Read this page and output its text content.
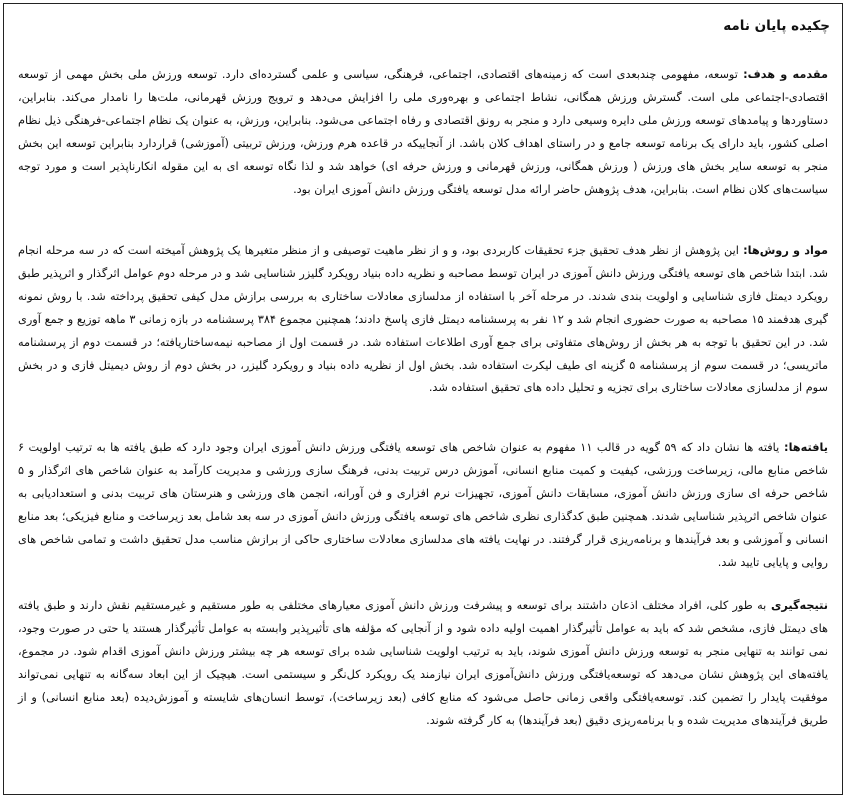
چکیده پایان نامه
مقدمه و هدف: توسعه، مفهومی چندبعدی است که زمینه‌های اقتصادی، اجتماعی، فرهنگی، سیاسی و علمی گسترده‌ای دارد. توسعه ورزش ملی بخش مهمی از توسعه اقتصادی-اجتماعی ملی است. گسترش ورزش همگانی، نشاط اجتماعی و بهره‌وری ملی را افزایش می‌دهد و ترویج ورزش قهرمانی، ملت‌ها را نامدار می‌کند. بنابراین، دستاوردها و پیامدهای توسعه ورزش ملی دایره وسیعی دارد و منجر به رونق اقتصادی و رفاه اجتماعی می‌شود. بنابراین، ورزش، به عنوان یک نظام اجتماعی-فرهنگی ذیل نظام اصلی کشور، باید دارای یک برنامه توسعه جامع و در راستای اهداف کلان باشد. از آنجاییکه در قاعده هرم ورزش، ورزش تربیتی (آموزشی) قراردارد بنابراین توسعه این بخش منجر به توسعه سایر بخش های ورزش ( ورزش همگانی، ورزش قهرمانی و ورزش حرفه ای) خواهد شد و لذا نگاه توسعه ای به این مقوله انکارناپذیر است و مورد توجه سیاست‌های کلان نظام است. بنابراین، هدف پژوهش حاضر ارائه مدل توسعه یافتگی ورزش دانش آموزی ایران بود.
مواد و روش‌ها: این پژوهش از نظر هدف تحقیق جزء تحقیقات کاربردی بود، و و از نظر ماهیت توصیفی و از منظر متغیرها یک پژوهش آمیخته است که در سه مرحله انجام شد. ابتدا شاخص های توسعه یافتگی ورزش دانش آموزی در ایران توسط مصاحبه و نظریه داده بنیاد رویکرد گلیزر شناسایی شد و در مرحله دوم عوامل اثرگذار و اثرپذیر طبق رویکرد دیمتل فازی شناسایی و اولویت بندی شدند. در مرحله آخر با استفاده از مدلسازی معادلات ساختاری به بررسی برازش مدل کیفی تحقیق پرداخته شد. با روش نمونه گیری هدفمند ۱۵ مصاحبه به صورت حضوری انجام شد و ۱۲ نفر به پرسشنامه دیمتل فازی پاسخ دادند؛ همچنین مجموع ۳۸۴ پرسشنامه در بازه زمانی ۳ ماهه توزیع و جمع آوری شد. در این تحقیق با توجه به هر بخش از روش‌های متفاوتی برای جمع آوری اطلاعات استفاده شد. در قسمت اول از مصاحبه نیمه‌ساختاریافته؛ در قسمت دوم از پرسشنامه ماتریسی؛ در قسمت سوم از پرسشنامه ۵ گزینه ای طیف لیکرت استفاده شد. بخش اول از نظریه داده بنیاد و رویکرد گلیزر، در بخش دوم از روش دیمیتل فازی و در بخش سوم از مدلسازی معادلات ساختاری برای تجزیه و تحلیل داده های تحقیق استفاده شد.
یافته‌ها: یافته ها نشان داد که ۵۹ گویه در قالب ۱۱ مفهوم به عنوان شاخص های توسعه یافتگی ورزش دانش آموزی ایران وجود دارد که طبق یافته ها به ترتیب اولویت ۶ شاخص منابع مالی، زیرساخت ورزشی، کیفیت و کمیت منابع انسانی، آموزش درس تربیت بدنی، فرهنگ سازی ورزشی و مدیریت کارآمد به عنوان شاخص های اثرگذار و ۵ شاخص حرفه ای سازی ورزش دانش آموزی، مسابقات دانش آموزی، تجهیزات نرم افزاری و فن آورانه، انجمن های ورزشی و هنرستان های تربیت بدنی و استعدادیابی به عنوان شاخص اثرپذیر شناسایی شدند. همچنین طبق کدگذاری نظری شاخص های توسعه یافتگی ورزش دانش آموزی در سه بعد شامل بعد زیرساخت و منابع فیزیکی؛ بعد منابع انسانی و آموزشی و بعد فرآیندها و برنامه‌ریزی قرار گرفتند. در نهایت یافته های مدلسازی معادلات ساختاری حاکی از برازش مناسب مدل تحقیق داشت و تمامی شاخص های روایی و پایایی تایید شد.
نتیجه‌گیری به طور کلی، افراد مختلف اذعان داشتند برای توسعه و پیشرفت ورزش دانش آموزی معیارهای مختلفی به طور مستقیم و غیرمستقیم نقش دارند و طبق یافته های دیمتل فازی، مشخص شد که باید به عوامل تأثیرگذار اهمیت اولیه داده شود و از آنجایی که مؤلفه های تأثیرپذیر وابسته به عوامل تأثیرگذار هستند یا حتی در صورت وجود، نمی توانند به تنهایی منجر به توسعه ورزش دانش آموزی شوند، باید به ترتیب اولویت شناسایی شده برای توسعه هر چه بیشتر ورزش دانش آموزی اقدام شود. در مجموع، یافته‌های این پژوهش نشان می‌دهد که توسعه‌یافتگی ورزش دانش‌آموزی ایران نیازمند یک رویکرد کل‌نگر و سیستمی است. هیچیک از این ابعاد سه‌گانه به تنهایی نمی‌تواند موفقیت پایدار را تضمین کند. توسعه‌یافتگی واقعی زمانی حاصل می‌شود که منابع کافی (بعد زیرساخت)، توسط انسان‌های شایسته و آموزش‌دیده (بعد منابع انسانی) و از طریق فرآیندهای مدیریت شده و با برنامه‌ریزی دقیق (بعد فرآیندها) به کار گرفته شوند.
